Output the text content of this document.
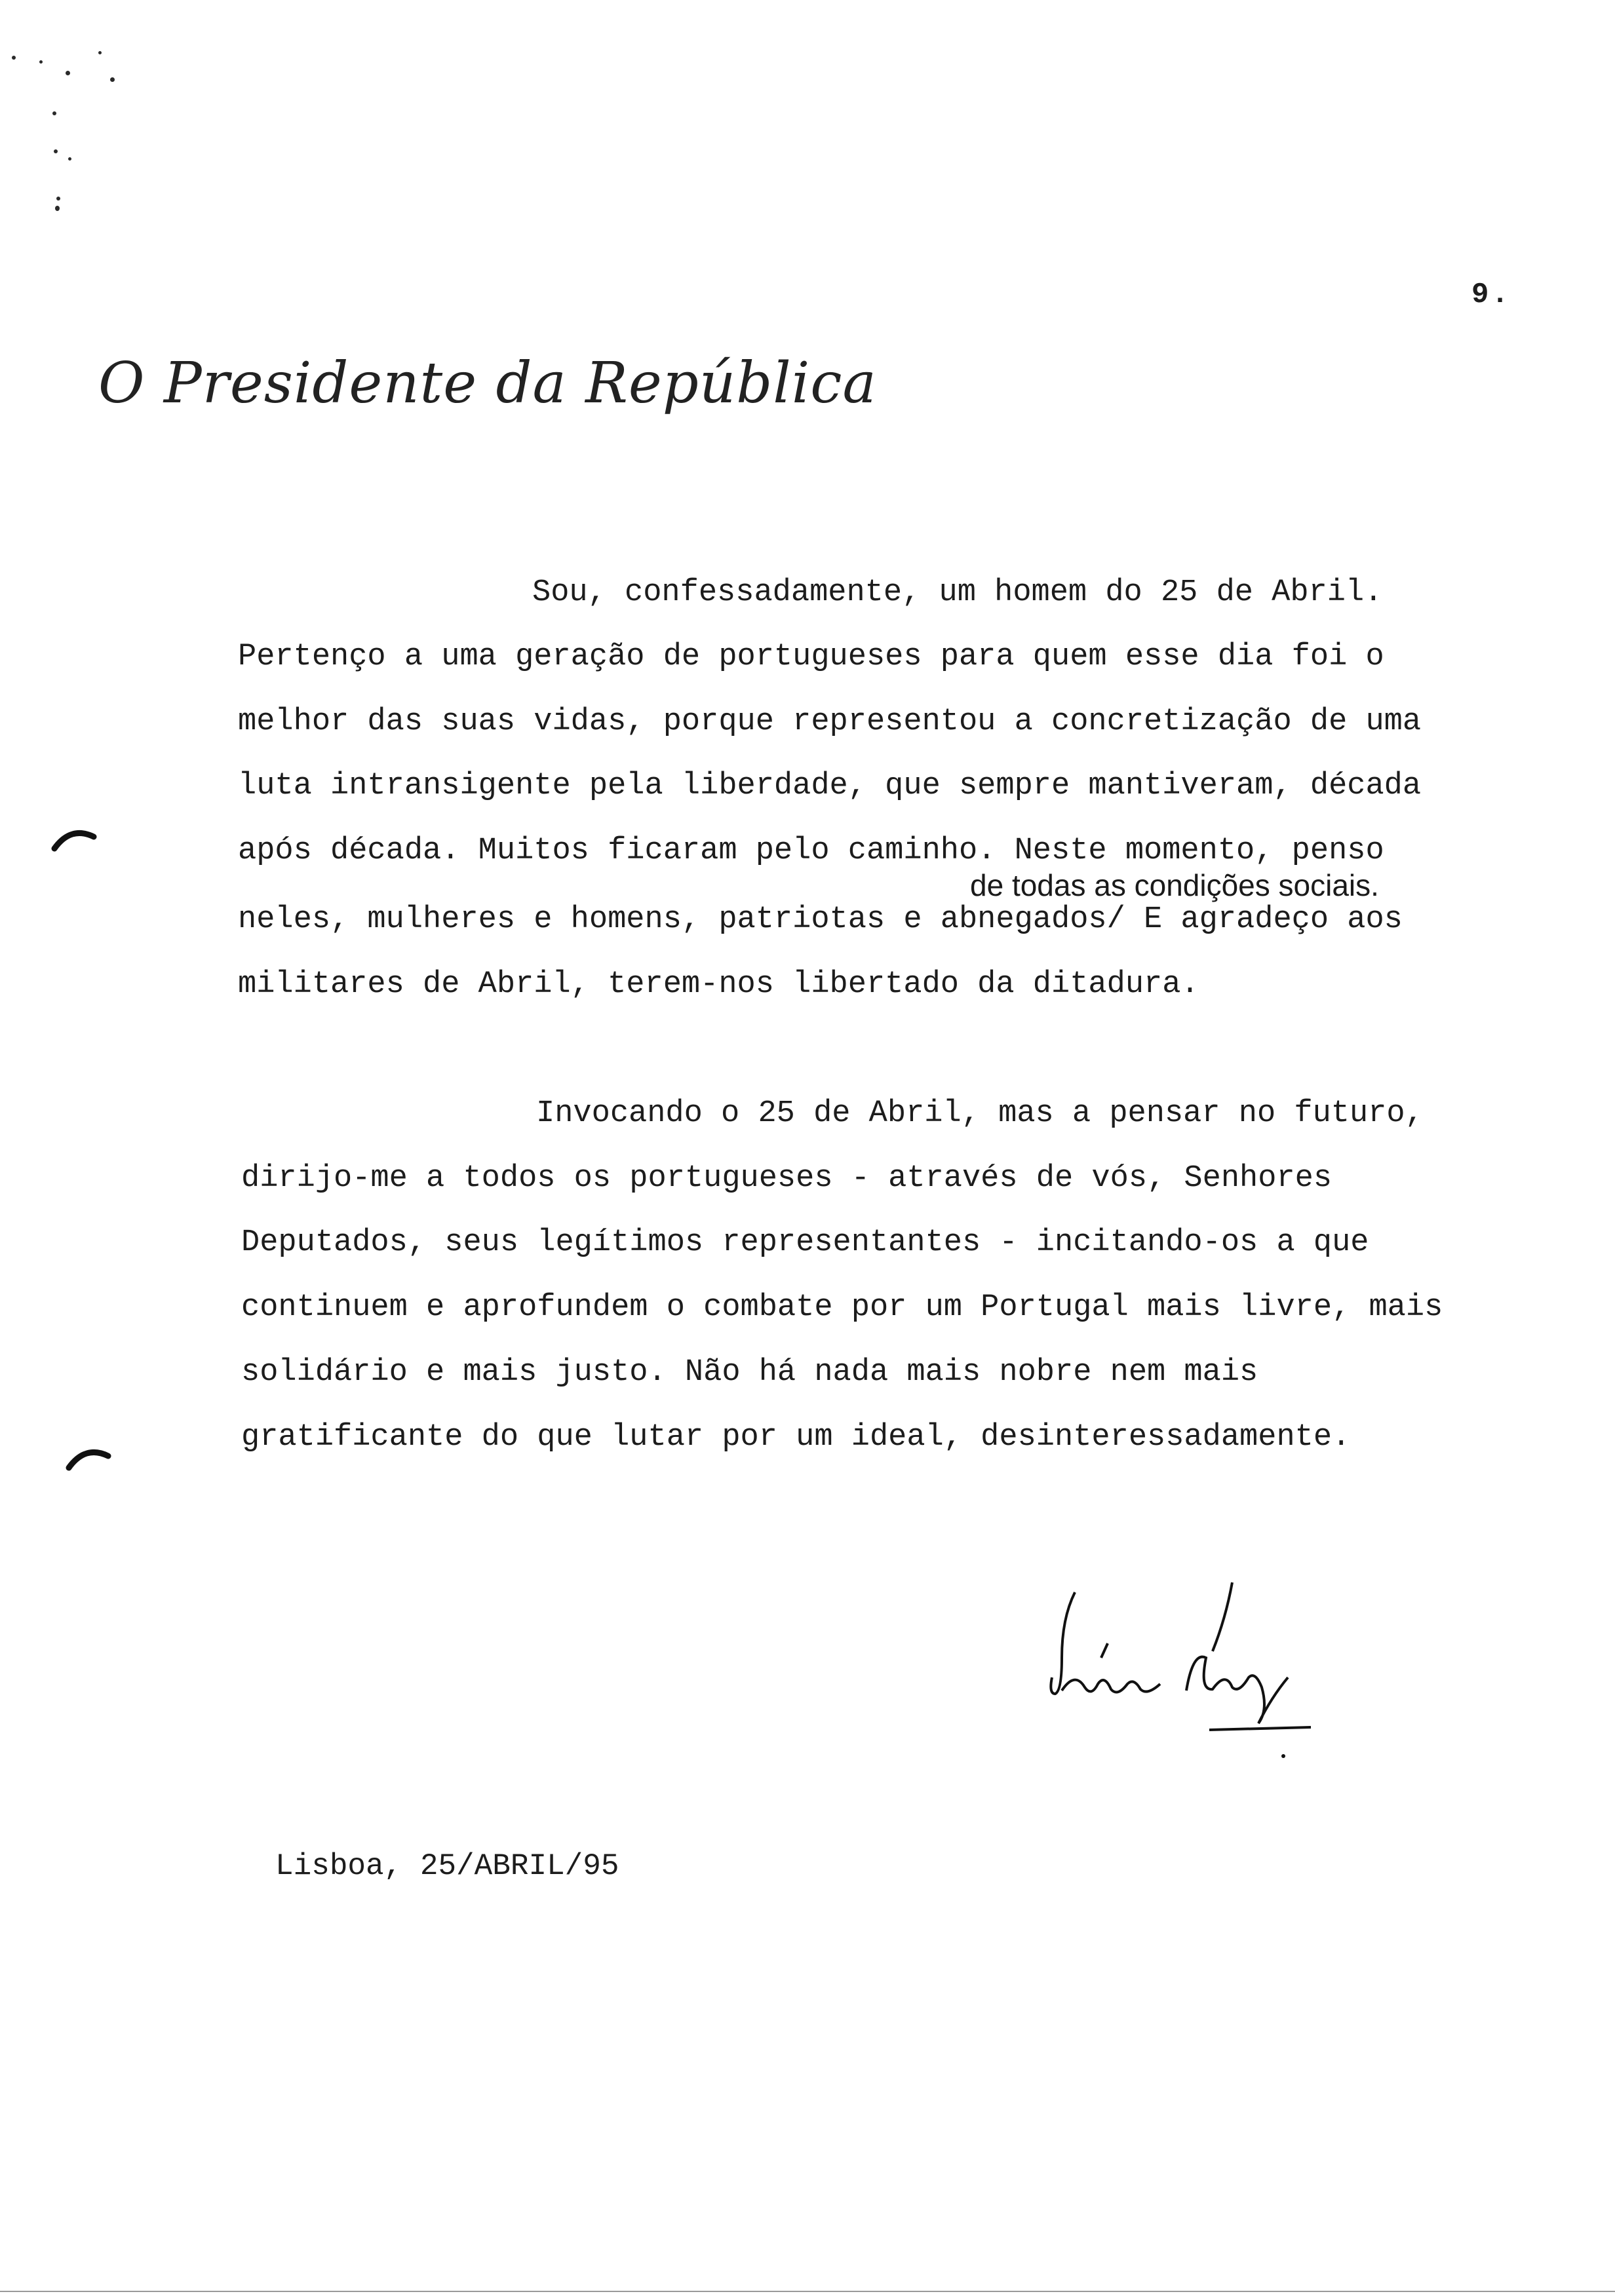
9.
O Presidente da República
Sou, confessadamente, um homem do 25 de Abril.
Pertenço a uma geração de portugueses para quem esse dia foi o
melhor das suas vidas, porque representou a concretização de uma
luta intransigente pela liberdade, que sempre mantiveram, década
após década. Muitos ficaram pelo caminho. Neste momento, penso
neles, mulheres e homens, patriotas e abnegados/ E agradeço aos
militares de Abril, terem-nos libertado da ditadura.
de todas as condições sociais.
Invocando o 25 de Abril, mas a pensar no futuro,
dirijo-me a todos os portugueses - através de vós, Senhores
Deputados, seus legítimos representantes - incitando-os a que
continuem e aprofundem o combate por um Portugal mais livre, mais
solidário e mais justo. Não há nada mais nobre nem mais
gratificante do que lutar por um ideal, desinteressadamente.
Lisboa, 25/ABRIL/95
